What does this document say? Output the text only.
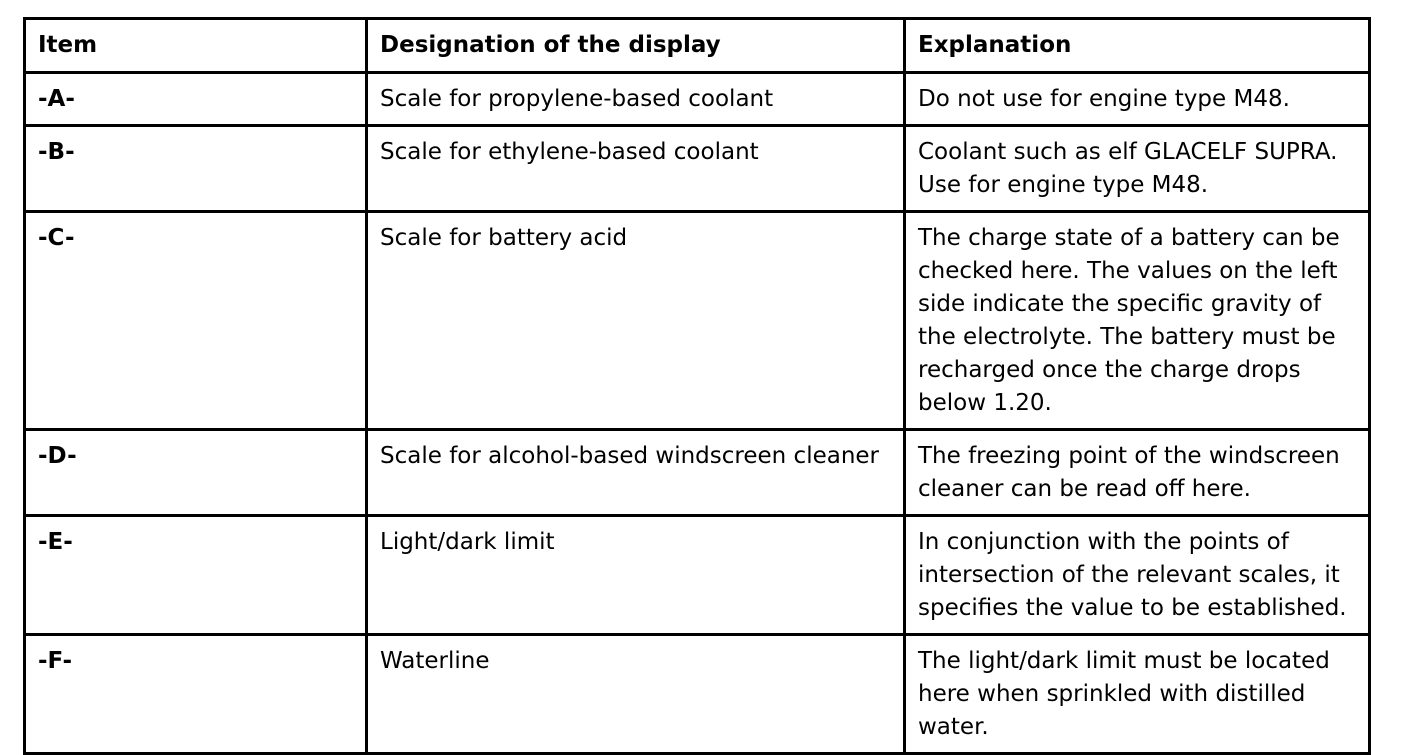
Item	Designation of the display	Explanation
-A-	Scale for propylene-based coolant	Do not use for engine type M48.
-B-	Scale for ethylene-based coolant	Coolant such as elf GLACELF SUPRA. Use for engine type M48.
-C-	Scale for battery acid	The charge state of a battery can be checked here. The values on the left side indicate the specific gravity of the electrolyte. The battery must be recharged once the charge drops below 1.20.
-D-	Scale for alcohol-based windscreen cleaner	The freezing point of the windscreen cleaner can be read off here.
-E-	Light/dark limit	In conjunction with the points of intersection of the relevant scales, it specifies the value to be established.
-F-	Waterline	The light/dark limit must be located here when sprinkled with distilled water.
